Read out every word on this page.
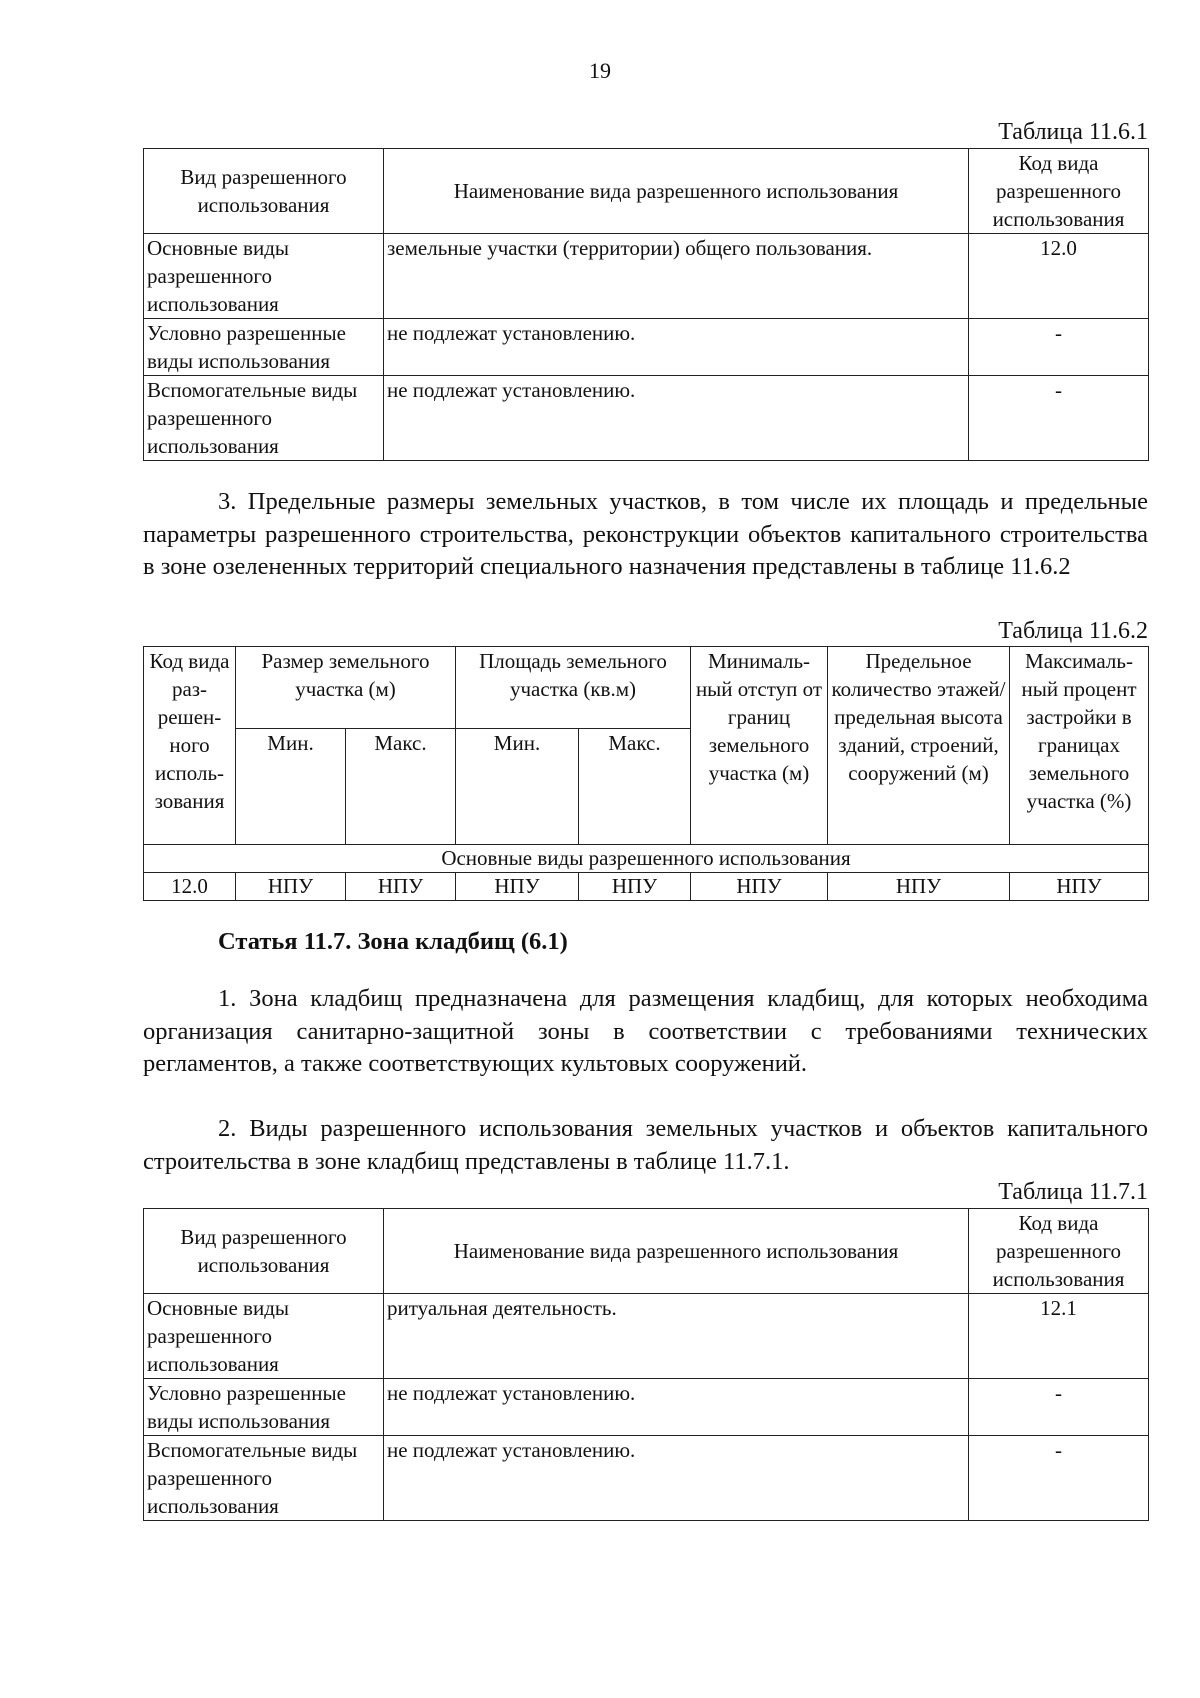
19
Таблица 11.6.1
Вид разрешенного использования	Наименование вида разрешенного использования	Код вида разрешенного использования
Основные виды разрешенного использования	земельные участки (территории) общего пользования.	12.0
Условно разрешенные виды использования	не подлежат установлению.	-
Вспомогательные виды разрешенного использования	не подлежат установлению.	-
3. Предельные размеры земельных участков, в том числе их площадь и предельные параметры разрешенного строительства, реконструкции объектов капитального строительства в зоне озелененных территорий специального назначения представлены в таблице 11.6.2
Таблица 11.6.2
Код вида раз-решен-ного исполь-зования	Размер земельного участка (м)		Площадь земельного участка (кв.м)		Минималь-ный отступ от границ земельного участка (м)	Предельное количество этажей/ предельная высота зданий, строений, сооружений (м)	Максималь-ный процент застройки в границах земельного участка (%)
	Мин.	Макс.	Мин.	Макс.			
Основные виды разрешенного использования							
12.0	НПУ	НПУ	НПУ	НПУ	НПУ	НПУ	НПУ
Статья 11.7. Зона кладбищ (6.1)
1. Зона кладбищ предназначена для размещения кладбищ, для которых необходима организация санитарно-защитной зоны в соответствии с требованиями технических регламентов, а также соответствующих культовых сооружений.
2. Виды разрешенного использования земельных участков и объектов капитального строительства в зоне кладбищ представлены в таблице 11.7.1.
Таблица 11.7.1
Вид разрешенного использования	Наименование вида разрешенного использования	Код вида разрешенного использования
Основные виды разрешенного использования	ритуальная деятельность.	12.1
Условно разрешенные виды использования	не подлежат установлению.	-
Вспомогательные виды разрешенного использования	не подлежат установлению.	-
